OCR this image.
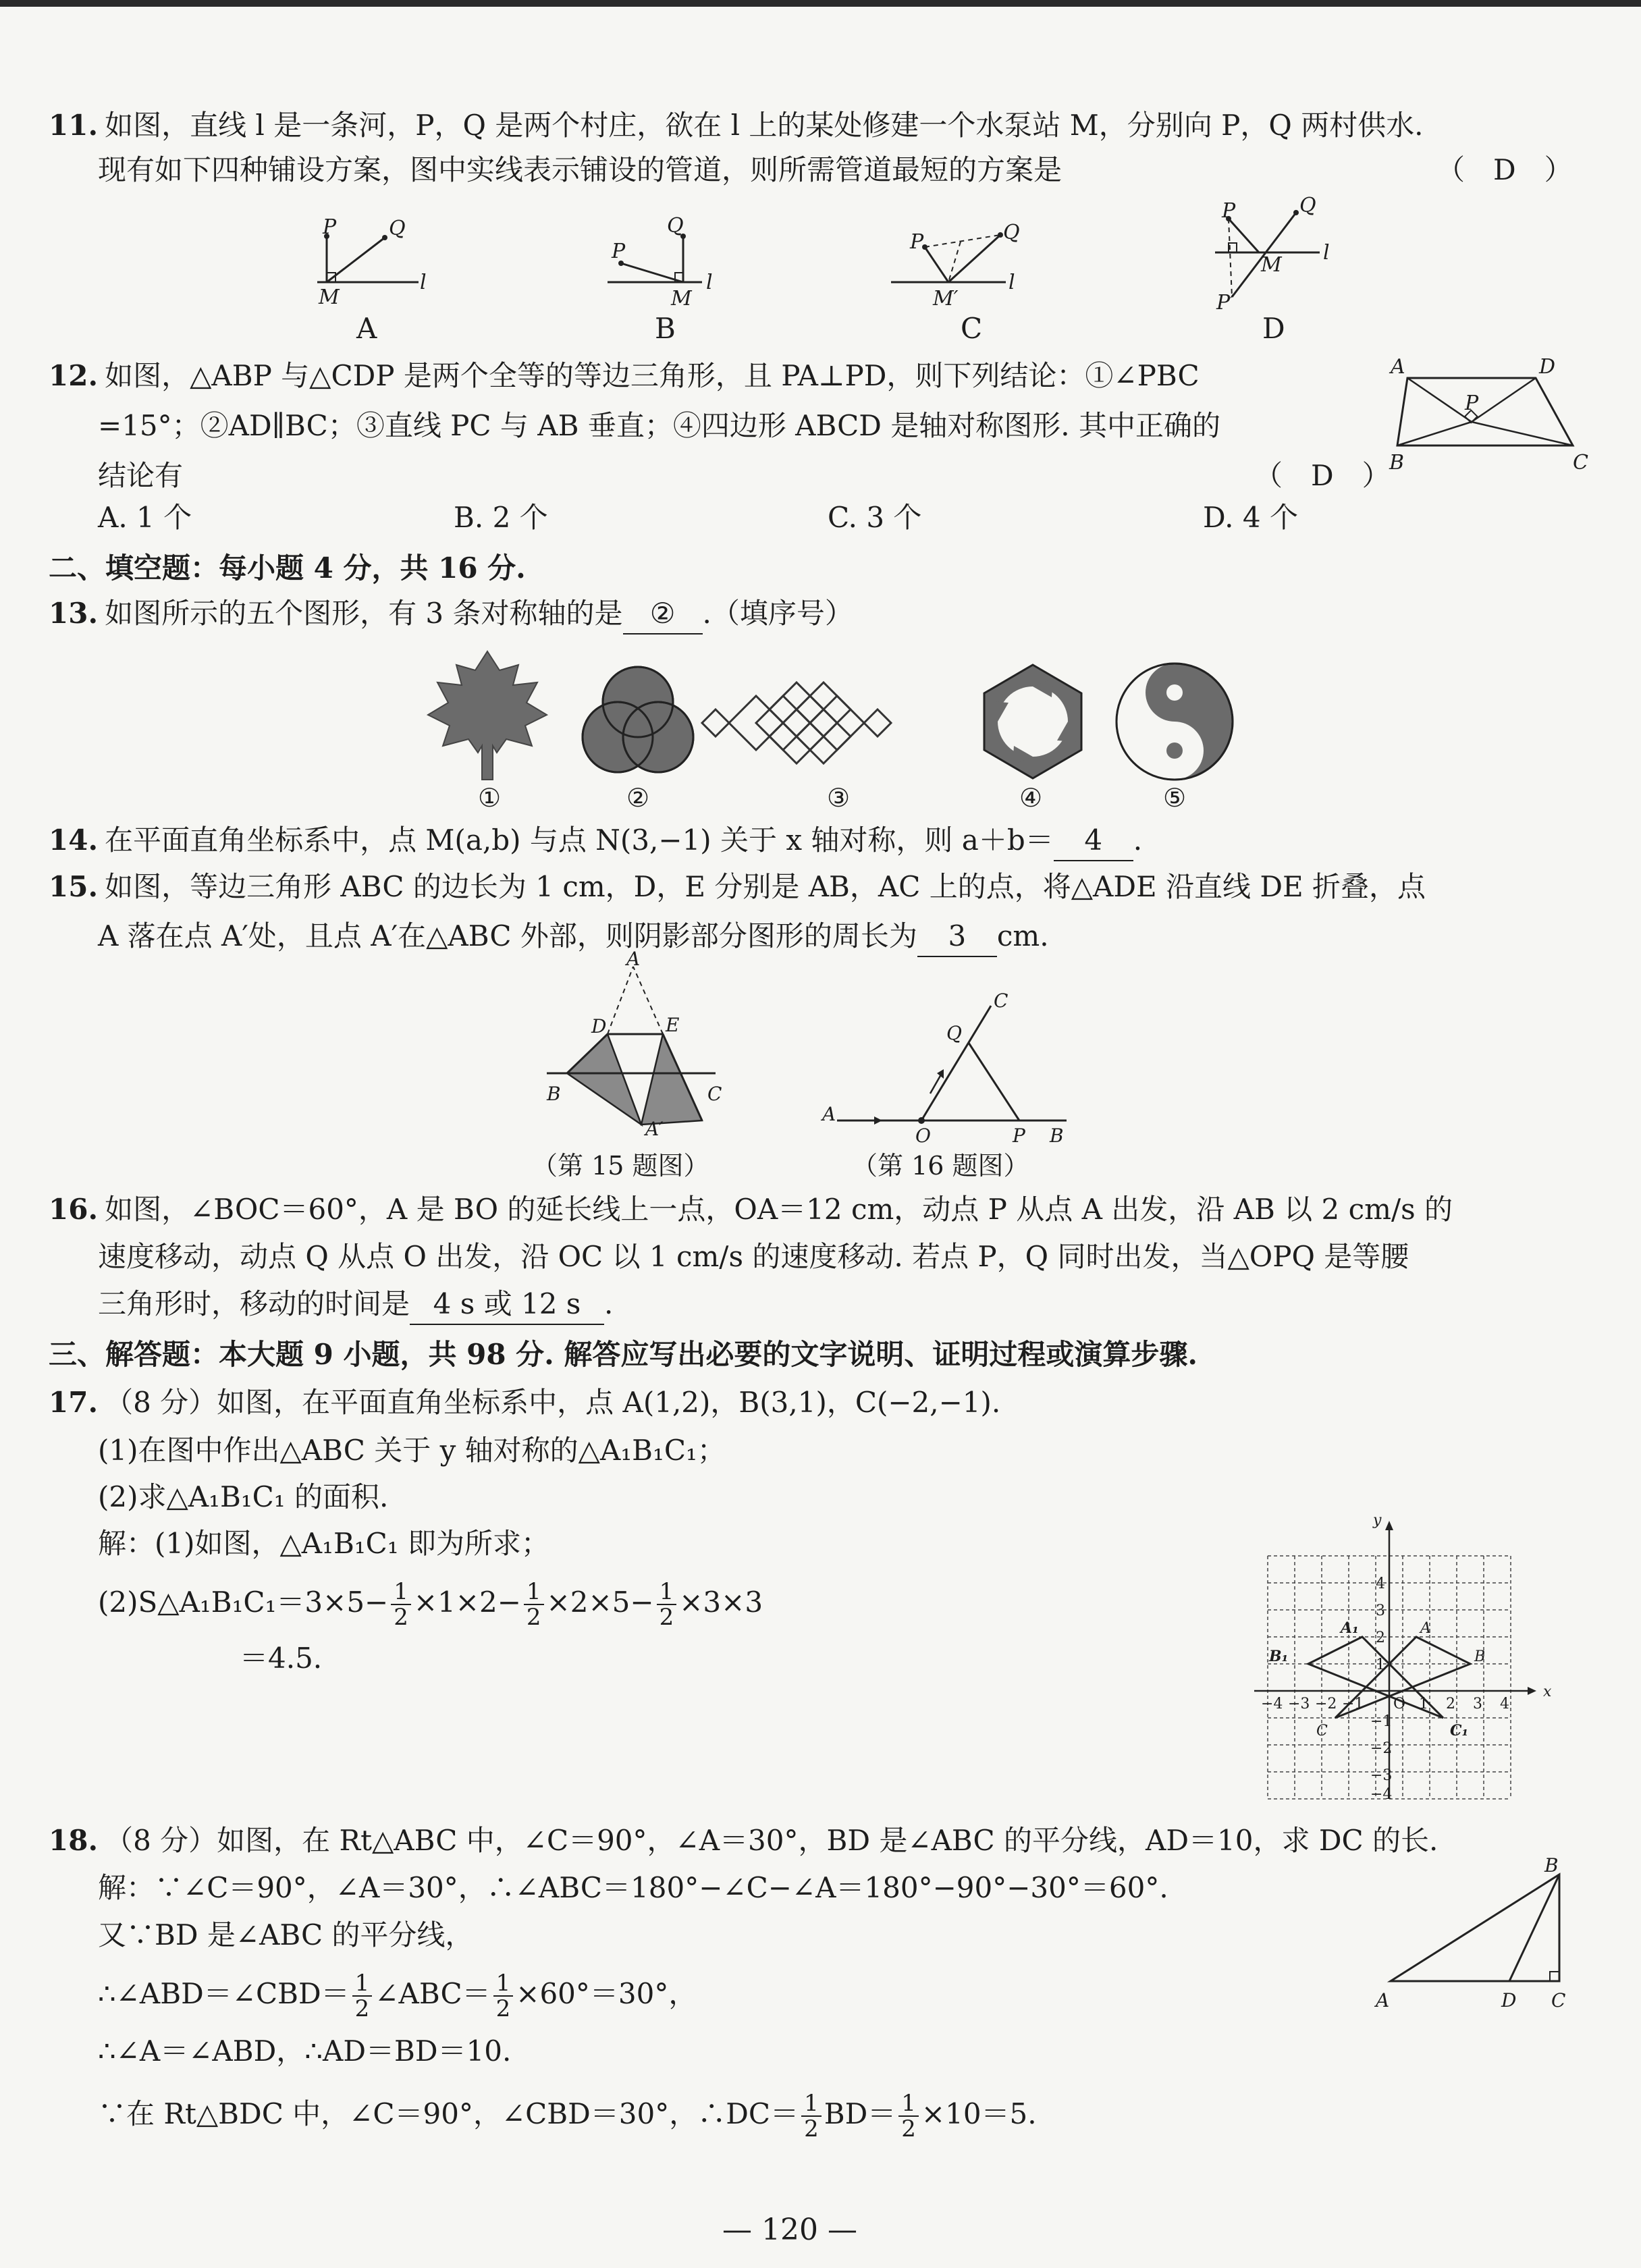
11. 如图，直线 l 是一条河，P，Q 是两个村庄，欲在 l 上的某处修建一个水泵站 M，分别向 P，Q 两村供水.
现有如下四种铺设方案，图中实线表示铺设的管道，则所需管道最短的方案是	（　D　）
P	Q
M
l
P
Q
M
l
P	Q
M′
l
P	Q
M
l
P′
A	B	C	D
12. 如图，△ABP 与△CDP 是两个全等的等边三角形，且 PA⊥PD，则下列结论：①∠PBC
=15°；②AD∥BC；③直线 PC 与 AB 垂直；④四边形 ABCD 是轴对称图形. 其中正确的
结论有	（　D　）
A. 1 个	B. 2 个	C. 3 个	D. 4 个
A	D
P
B	C
二、填空题：每小题 4 分，共 16 分.
13. 如图所示的五个图形，有 3 条对称轴的是 ② .（填序号）
①	②	③	④	⑤
14. 在平面直角坐标系中，点 M(a,b) 与点 N(3,−1) 关于 x 轴对称，则 a＋b＝ 4 .
15. 如图，等边三角形 ABC 的边长为 1 cm，D，E 分别是 AB，AC 上的点，将△ADE 沿直线 DE 折叠，点
A 落在点 A′处，且点 A′在△ABC 外部，则阴影部分图形的周长为 3 cm.
A
D	E
B	C
A′
（第 15 题图）
A
O	P B
Q
C
（第 16 题图）
16. 如图，∠BOC＝60°，A 是 BO 的延长线上一点，OA＝12 cm，动点 P 从点 A 出发，沿 AB 以 2 cm/s 的
速度移动，动点 Q 从点 O 出发，沿 OC 以 1 cm/s 的速度移动. 若点 P，Q 同时出发，当△OPQ 是等腰
三角形时，移动的时间是 4 s 或 12 s .
三、解答题：本大题 9 小题，共 98 分. 解答应写出必要的文字说明、证明过程或演算步骤.
17. （8 分）如图，在平面直角坐标系中，点 A(1,2)，B(3,1)，C(−2,−1).
(1)在图中作出△ABC 关于 y 轴对称的△A₁B₁C₁；
(2)求△A₁B₁C₁ 的面积.
解：(1)如图，△A₁B₁C₁ 即为所求；
(2)S△A₁B₁C₁＝3×5− $\frac{1}{2} \times 1\times 2- \frac{1}{2} \times 2\times 5- \frac{1}{2} \times 3\times 3$
＝4.5.
x
y
O
−4 −3 −2 −1	1 2 3 4
4
3
2
1
−1
−2
−3
−4
A
A₁
B
B₁
C	C₁
18. （8 分）如图，在 Rt△ABC 中，∠C＝90°，∠A＝30°，BD 是∠ABC 的平分线，AD＝10，求 DC 的长.
解：∵∠C＝90°，∠A＝30°，∴∠ABC＝180°−∠C−∠A＝180°−90°−30°＝60°.
又∵BD 是∠ABC 的平分线，
∴∠ABD＝∠CBD＝ $\frac{1}{2}$ ∠ABC＝ $\frac{1}{2} \times 60^\circ=30^\circ$，
∴∠A＝∠ABD，∴AD＝BD＝10.
∵在 Rt△BDC 中，∠C＝90°，∠CBD＝30°，∴DC＝ $\frac{1}{2} BD= \frac{1}{2} \times 10=5$.
A	D C
B
— 120 —
